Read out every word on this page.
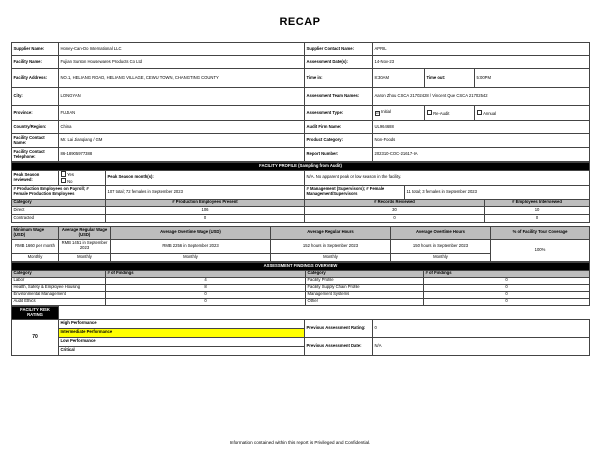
RECAP
Supplier Name:	Honey-Can-Do International LLC	Supplier Contact Name:	APRIL		
Facility Name:	Fujian Sunton Housewares Products Co Ltd	Assessment Date(s):	14-Nov-23		
Facility Address:	NO.1, HELIANG ROAD, HELIANG VILLAGE, CEWU TOWN, CHANGTING COUNTY	Time in:	8:30AM	Time out:	5:00PM
City:	LONGYAN	Assessment Team Names:	Aaron Zhou CSCA 21702428 / Vincent Que CSCA 21702542		
Province:	FUJIAN	Assessment Type:	☑ Initial	Re-Audit	Annual
Country/Region:	China	Audit Firm Name:	UL964688		
Facility Contact Name:	Mr. Lai Jianqiang / GM	Product Category:	Non-Foods		
Facility Contact Telephone:	86-18905977388	Report Number:	202310-COC-21617-IA		
FACILITY PROFILE (Sampling from Audit)					
Peak Season reviewed:	Yes
No	Peak Season month(s):	N/A. No apparent peak or low season in the facility.		
# Production Employees on Payroll; # Female Production Employees		107 total; 72 females in September 2023	# Management (Supervisors); # Female Management/Supervisors	11 total; 3 females in September 2023	
Category		# Production Employees Present	# Records Reviewed		# Employees Interviewed
Direct		106	30		10
Contracted		0	0		0
Minimum Wage (USD)	Average Regular Wage (USD)	Average Overtime Wage (USD)	Average Regular Hours	Average Overtime Hours	% of Facility Tour Coverage
RMB 1660 per month	RMB 1451 in September 2023	RMB 2256 in September 2023	152 hours in September 2023	150 hours in September 2023	100%
Monthly	Monthly	Monthly	Monthly	Monthly	
ASSESSMENT FINDINGS OVERVIEW			
Category	# of Findings	Category	# of Findings
Labor	4	Facility Profile	0
Health, Safety & Employee Housing	8	Facility Supply Chain Profile	0
Environmental Management	0	Management Systems	0
Audit Ethics	0	Other	0
FACILITY RISK RATING			
70	High Performance	Previous Assessment Rating:	0
	Intermediate Performance		
	Low Performance	Previous Assessment Date:	N/A
	Critical		
Information contained within this report is Privileged and Confidential.
